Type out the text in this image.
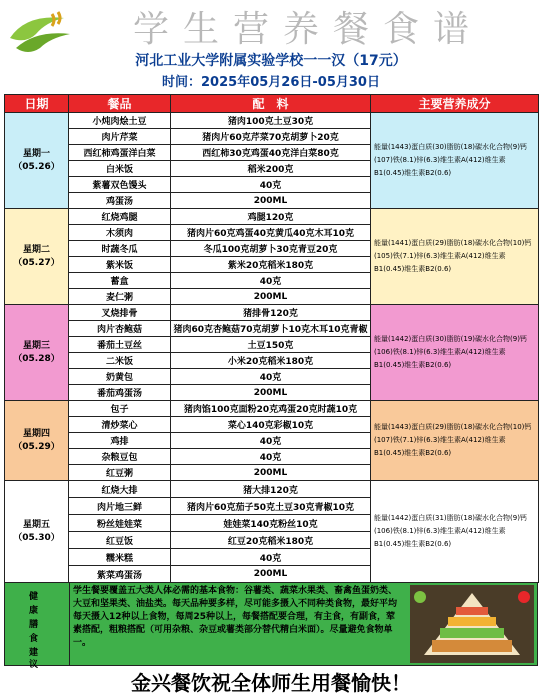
学生营养餐食谱
河北工业大学附属实验学校一一汉（17元）
时间：2025年05月26日-05月30日
日期	餐品	配　料	主要营养成分

星期一
（05.26）	小炖肉烩土豆	猪肉100克土豆30克	能量(1443)蛋白质(30)脂肪(18)碳水化合物(9)钙(107)铁(8.1)锌(6.3)维生素A(412)维生素B1(0.45)维生素B2(0.6)
	肉片芹菜	猪肉片60克芹菜70克胡萝卜20克	
	西红柿鸡蛋洋白菜	西红柿30克鸡蛋40克洋白菜80克	
	白米饭	稻米200克	
	紫薯双色馒头	40克	
	鸡蛋汤	200ML	

星期二
（05.27）	红烧鸡腿	鸡腿120克	能量(1441)蛋白质(29)脂肪(18)碳水化合物(10)钙(105)铁(7.1)锌(6.3)维生素A(412)维生素B1(0.45)维生素B2(0.6)
	木须肉	猪肉片60克鸡蛋40克黄瓜40克木耳10克	
	时蔬冬瓜	冬瓜100克胡萝卜30克青豆20克	
	紫米饭	紫米20克稻米180克	
	蓄盒	40克	
	麦仁粥	200ML	

星期三
（05.28）	叉烧排骨	猪排骨120克	能量(1442)蛋白质(30)脂肪(19)碳水化合物(9)钙(106)铁(8.1)锌(6.3)维生素A(412)维生素B1(0.45)维生素B2(0.6)
	肉片杏鲍菇	猪肉60克杏鲍菇70克胡萝卜10克木耳10克青椒	
	番茄土豆丝	土豆150克	
	二米饭	小米20克稻米180克	
	奶黄包	40克	
	番茄鸡蛋汤	200ML	

星期四
（05.29）	包子	猪肉馅100克面粉20克鸡蛋20克时蔬10克	能量(1443)蛋白质(29)脂肪(18)碳水化合物(10)钙(107)铁(7.1)锌(6.3)维生素A(412)维生素B1(0.45)维生素B2(0.6)
	清炒菜心	菜心140克彩椒10克	
	鸡排	40克	
	杂粮豆包	40克	
	红豆粥	200ML	

星期五
（05.30）	红烧大排	猪大排120克	能量(1442)蛋白质(31)脂肪(18)碳水化合物(9)钙(106)铁(8.1)锌(6.3)维生素A(412)维生素B1(0.45)维生素B2(0.6)
	肉片地三鲜	猪肉片60克茄子50克土豆30克青椒10克	
	粉丝娃娃菜	娃娃菜140克粉丝10克	
	红豆饭	红豆20克稻米180克	
	糯米糕	40克	
	紫菜鸡蛋汤	200ML	
健
康
膳
食
建
议
学生餐要覆盖五大类人体必需的基本食物：谷薯类、蔬菜水果类、畜禽鱼蛋奶类、大豆和坚果类、油盐类。每天品种要多样，尽可能多摄入不同种类食物，最好平均每天摄入12种以上食物，每周25种以上，每餐搭配要合理，有主食，有副食，荤素搭配，粗粮搭配（可用杂粮、杂豆或薯类部分替代精白米面）。尽量避免食物单一。
金兴餐饮祝全体师生用餐愉快！
